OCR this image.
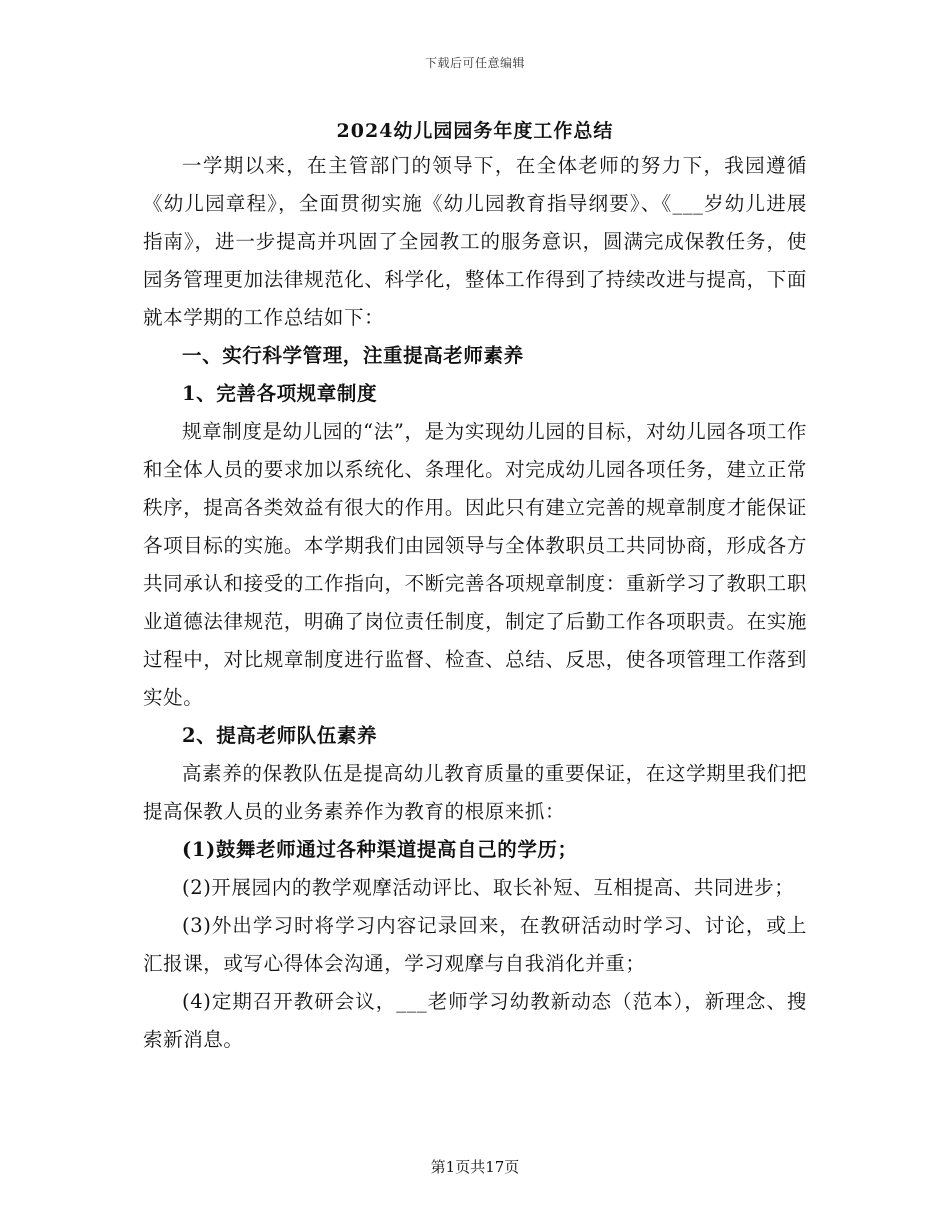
下载后可任意编辑
2024幼儿园园务年度工作总结

一学期以来，在主管部门的领导下，在全体老师的努力下，我园遵循《幼儿园章程》，全面贯彻实施《幼儿园教育指导纲要》、《___岁幼儿进展指南》，进一步提高并巩固了全园教工的服务意识，圆满完成保教任务，使园务管理更加法律规范化、科学化，整体工作得到了持续改进与提高，下面就本学期的工作总结如下：

一、实行科学管理，注重提高老师素养

1、完善各项规章制度

规章制度是幼儿园的“法”，是为实现幼儿园的目标，对幼儿园各项工作和全体人员的要求加以系统化、条理化。对完成幼儿园各项任务，建立正常秩序，提高各类效益有很大的作用。因此只有建立完善的规章制度才能保证各项目标的实施。本学期我们由园领导与全体教职员工共同协商，形成各方共同承认和接受的工作指向，不断完善各项规章制度：重新学习了教职工职业道德法律规范，明确了岗位责任制度，制定了后勤工作各项职责。在实施过程中，对比规章制度进行监督、检查、总结、反思，使各项管理工作落到实处。

2、提高老师队伍素养

高素养的保教队伍是提高幼儿教育质量的重要保证，在这学期里我们把提高保教人员的业务素养作为教育的根原来抓：

(1)鼓舞老师通过各种渠道提高自己的学历；

(2)开展园内的教学观摩活动评比、取长补短、互相提高、共同进步；

(3)外出学习时将学习内容记录回来，在教研活动时学习、讨论，或上汇报课，或写心得体会沟通，学习观摩与自我消化并重；

(4)定期召开教研会议，___老师学习幼教新动态（范本），新理念、搜索新消息。

第1页共17页
